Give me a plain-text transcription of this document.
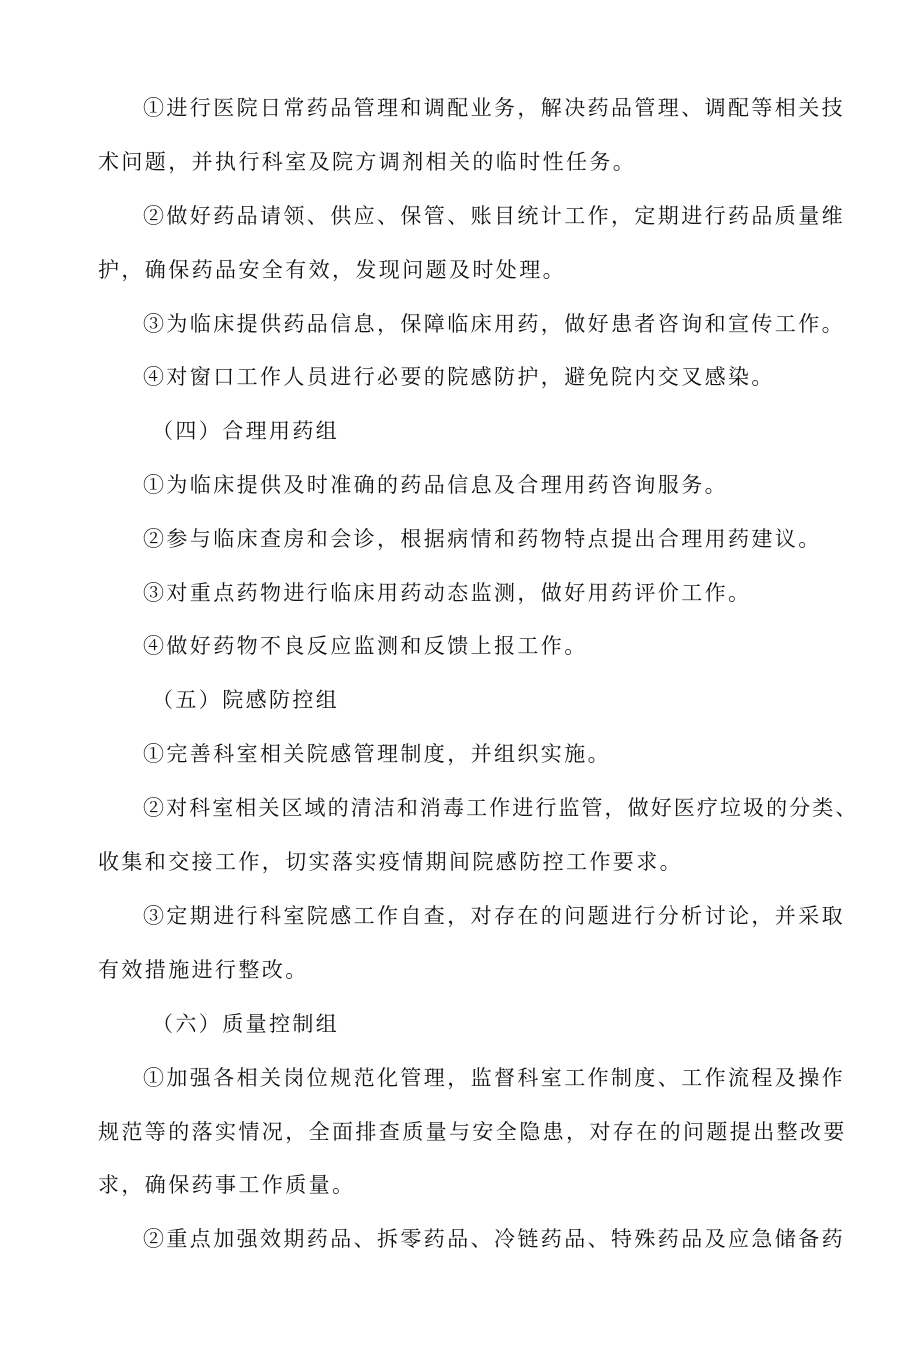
①进行医院日常药品管理和调配业务，解决药品管理、调配等相关技
术问题，并执行科室及院方调剂相关的临时性任务。
②做好药品请领、供应、保管、账目统计工作，定期进行药品质量维
护，确保药品安全有效，发现问题及时处理。
③为临床提供药品信息，保障临床用药，做好患者咨询和宣传工作。
④对窗口工作人员进行必要的院感防护，避免院内交叉感染。
（四）合理用药组
①为临床提供及时准确的药品信息及合理用药咨询服务。
②参与临床查房和会诊，根据病情和药物特点提出合理用药建议。
③对重点药物进行临床用药动态监测，做好用药评价工作。
④做好药物不良反应监测和反馈上报工作。
（五）院感防控组
①完善科室相关院感管理制度，并组织实施。
②对科室相关区域的清洁和消毒工作进行监管，做好医疗垃圾的分类、
收集和交接工作，切实落实疫情期间院感防控工作要求。
③定期进行科室院感工作自查，对存在的问题进行分析讨论，并采取
有效措施进行整改。
（六）质量控制组
①加强各相关岗位规范化管理，监督科室工作制度、工作流程及操作
规范等的落实情况，全面排查质量与安全隐患，对存在的问题提出整改要
求，确保药事工作质量。
②重点加强效期药品、拆零药品、冷链药品、特殊药品及应急储备药
